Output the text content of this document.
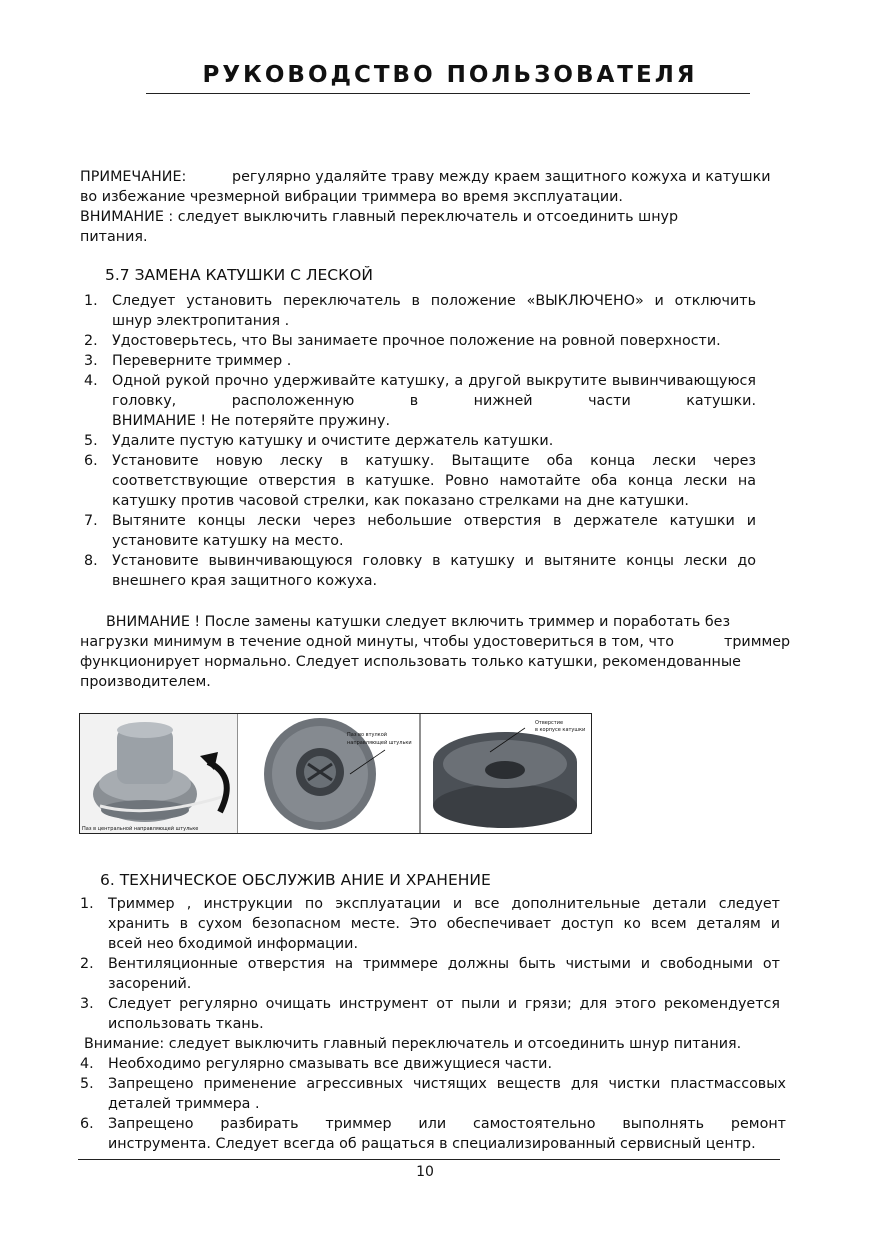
РУКОВОДСТВО ПОЛЬЗОВАТЕЛЯ
ПРИМЕЧАНИЕ:	регулярно удаляйте траву между краем защитного кожуха и катушки
во избежание чрезмерной вибрации триммера во время эксплуатации.
ВНИМАНИЕ : следует выключить главный переключатель и отсоединить шнур
питания.
5.7 ЗАМЕНА КАТУШКИ С ЛЕСКОЙ
1.	Следует установить переключатель в положение «ВЫКЛЮЧЕНО» и отключить
шнур электропитания .
2.	Удостоверьтесь, что Вы занимаете прочное положение на ровной поверхности.
3.	Переверните триммер .
4.	Одной рукой прочно удерживайте катушку, а другой выкрутите вывинчивающуюся
головку, расположенную в нижней части катушки.
ВНИМАНИЕ ! Не потеряйте пружину.
5.	Удалите пустую катушку и очистите держатель катушки.
6.	Установите новую леску в катушку. Вытащите оба конца лески через
соответствующие отверстия в катушке. Ровно намотайте оба конца лески на
катушку против часовой стрелки, как показано стрелками на дне катушки.
7.	Вытяните концы лески через небольшие отверстия в держателе катушки и
установите катушку на место.
8.	Установите вывинчивающуюся головку в катушку и вытяните концы лески до
внешнего края защитного кожуха.
ВНИМАНИЕ ! После замены катушки следует включить триммер и поработать без
нагрузки минимум в течение одной минуты, чтобы удостовериться в том, что	триммер
функционирует нормально. Следует использовать только катушки, рекомендованные
производителем.
Паз в центральной направляющей штульке
Паз во втулкой
направляющей штульки
Отверстие
в корпусе катушки
6. ТЕХНИЧЕСКОЕ ОБСЛУЖИВ АНИЕ И ХРАНЕНИЕ
1.	Триммер , инструкции по эксплуатации и все дополнительные детали следует
хранить в сухом безопасном месте. Это обеспечивает доступ ко всем деталям и
всей нео бходимой информации.
2.	Вентиляционные отверстия на триммере должны быть чистыми и свободными от
засорений.
3.	Следует регулярно очищать инструмент от пыли и грязи; для этого рекомендуется
использовать ткань.
Внимание: следует выключить главный переключатель и отсоединить шнур питания.
4.	Необходимо регулярно смазывать все движущиеся части.
5.	Запрещено применение агрессивных чистящих веществ для чистки пластмассовых
деталей триммера .
6.	Запрещено разбирать триммер или самостоятельно выполнять ремонт
инструмента. Следует всегда об ращаться в специализированный сервисный центр.
10
